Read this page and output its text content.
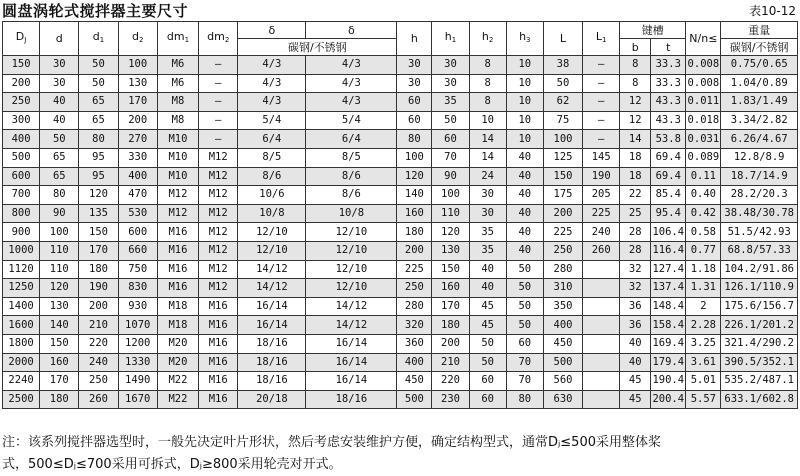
圆盘涡轮式搅拌器主要尺寸	表10-12
$D_J$	d	$d_1$	$d_2$	$dm_1$	$dm_2$	δ	δ	h	$h_1$	$h_2$	$h_3$	L	$L_1$	键槽		N/n≤	重量
						碳钢/不锈钢								b	t		碳钢/不锈钢
150	30	50	100	M6	–	4/3	4/3	30	30	8	10	38	–	8	33.3	0.008	0.75/0.65
200	30	50	130	M6	–	4/3	4/3	30	30	8	10	50	–	8	33.3	0.008	1.04/0.89
250	40	65	170	M8	–	4/3	4/3	60	35	8	10	62	–	12	43.3	0.011	1.83/1.49
300	40	65	200	M8	–	5/4	5/4	60	50	10	10	75	–	12	43.3	0.018	3.34/2.82
400	50	80	270	M10	–	6/4	6/4	80	60	14	10	100	–	14	53.8	0.031	6.26/4.67
500	65	95	330	M10	M12	8/5	8/5	100	70	14	40	125	145	18	69.4	0.089	12.8/8.9
600	65	95	400	M10	M12	8/6	8/6	120	90	24	40	150	190	18	69.4	0.11	18.7/14.9
700	80	120	470	M12	M12	10/6	8/6	140	100	30	40	175	205	22	85.4	0.40	28.2/20.3
800	90	135	530	M12	M12	10/8	10/8	160	110	30	40	200	225	25	95.4	0.42	38.48/30.78
900	100	150	600	M16	M12	12/10	12/10	180	120	35	40	225	240	28	106.4	0.58	51.5/42.93
1000	110	170	660	M16	M12	12/10	12/10	200	130	35	40	250	260	28	116.4	0.77	68.8/57.33
1120	110	180	750	M16	M12	14/12	12/10	225	150	40	50	280		32	127.4	1.18	104.2/91.86
1250	120	190	830	M16	M12	14/12	12/10	250	160	40	50	310		32	137.4	1.31	126.1/110.9
1400	130	200	930	M18	M16	16/14	14/12	280	170	45	50	350		36	148.4	2	175.6/156.7
1600	140	210	1070	M18	M16	16/14	14/12	320	180	45	50	400		36	158.4	2.28	226.1/201.2
1800	150	220	1200	M20	M16	18/16	16/14	360	200	50	60	450		40	169.4	3.25	321.4/290.2
2000	160	240	1330	M20	M16	18/16	16/14	400	210	50	70	500		40	179.4	3.61	390.5/352.1
2240	170	250	1490	M22	M16	18/16	16/14	450	220	60	70	560		45	190.4	5.01	535.2/487.1
2500	180	260	1670	M22	M16	20/18	18/16	500	230	60	80	630		45	200.4	5.57	633.1/602.8
注：该系列搅拌器选型时，一般先决定叶片形状，然后考虑安装维护方便，确定结构型式，通常Dⱼ≤500采用整体桨
式，500≤Dⱼ≤700采用可拆式，Dⱼ≥800采用轮壳对开式。
